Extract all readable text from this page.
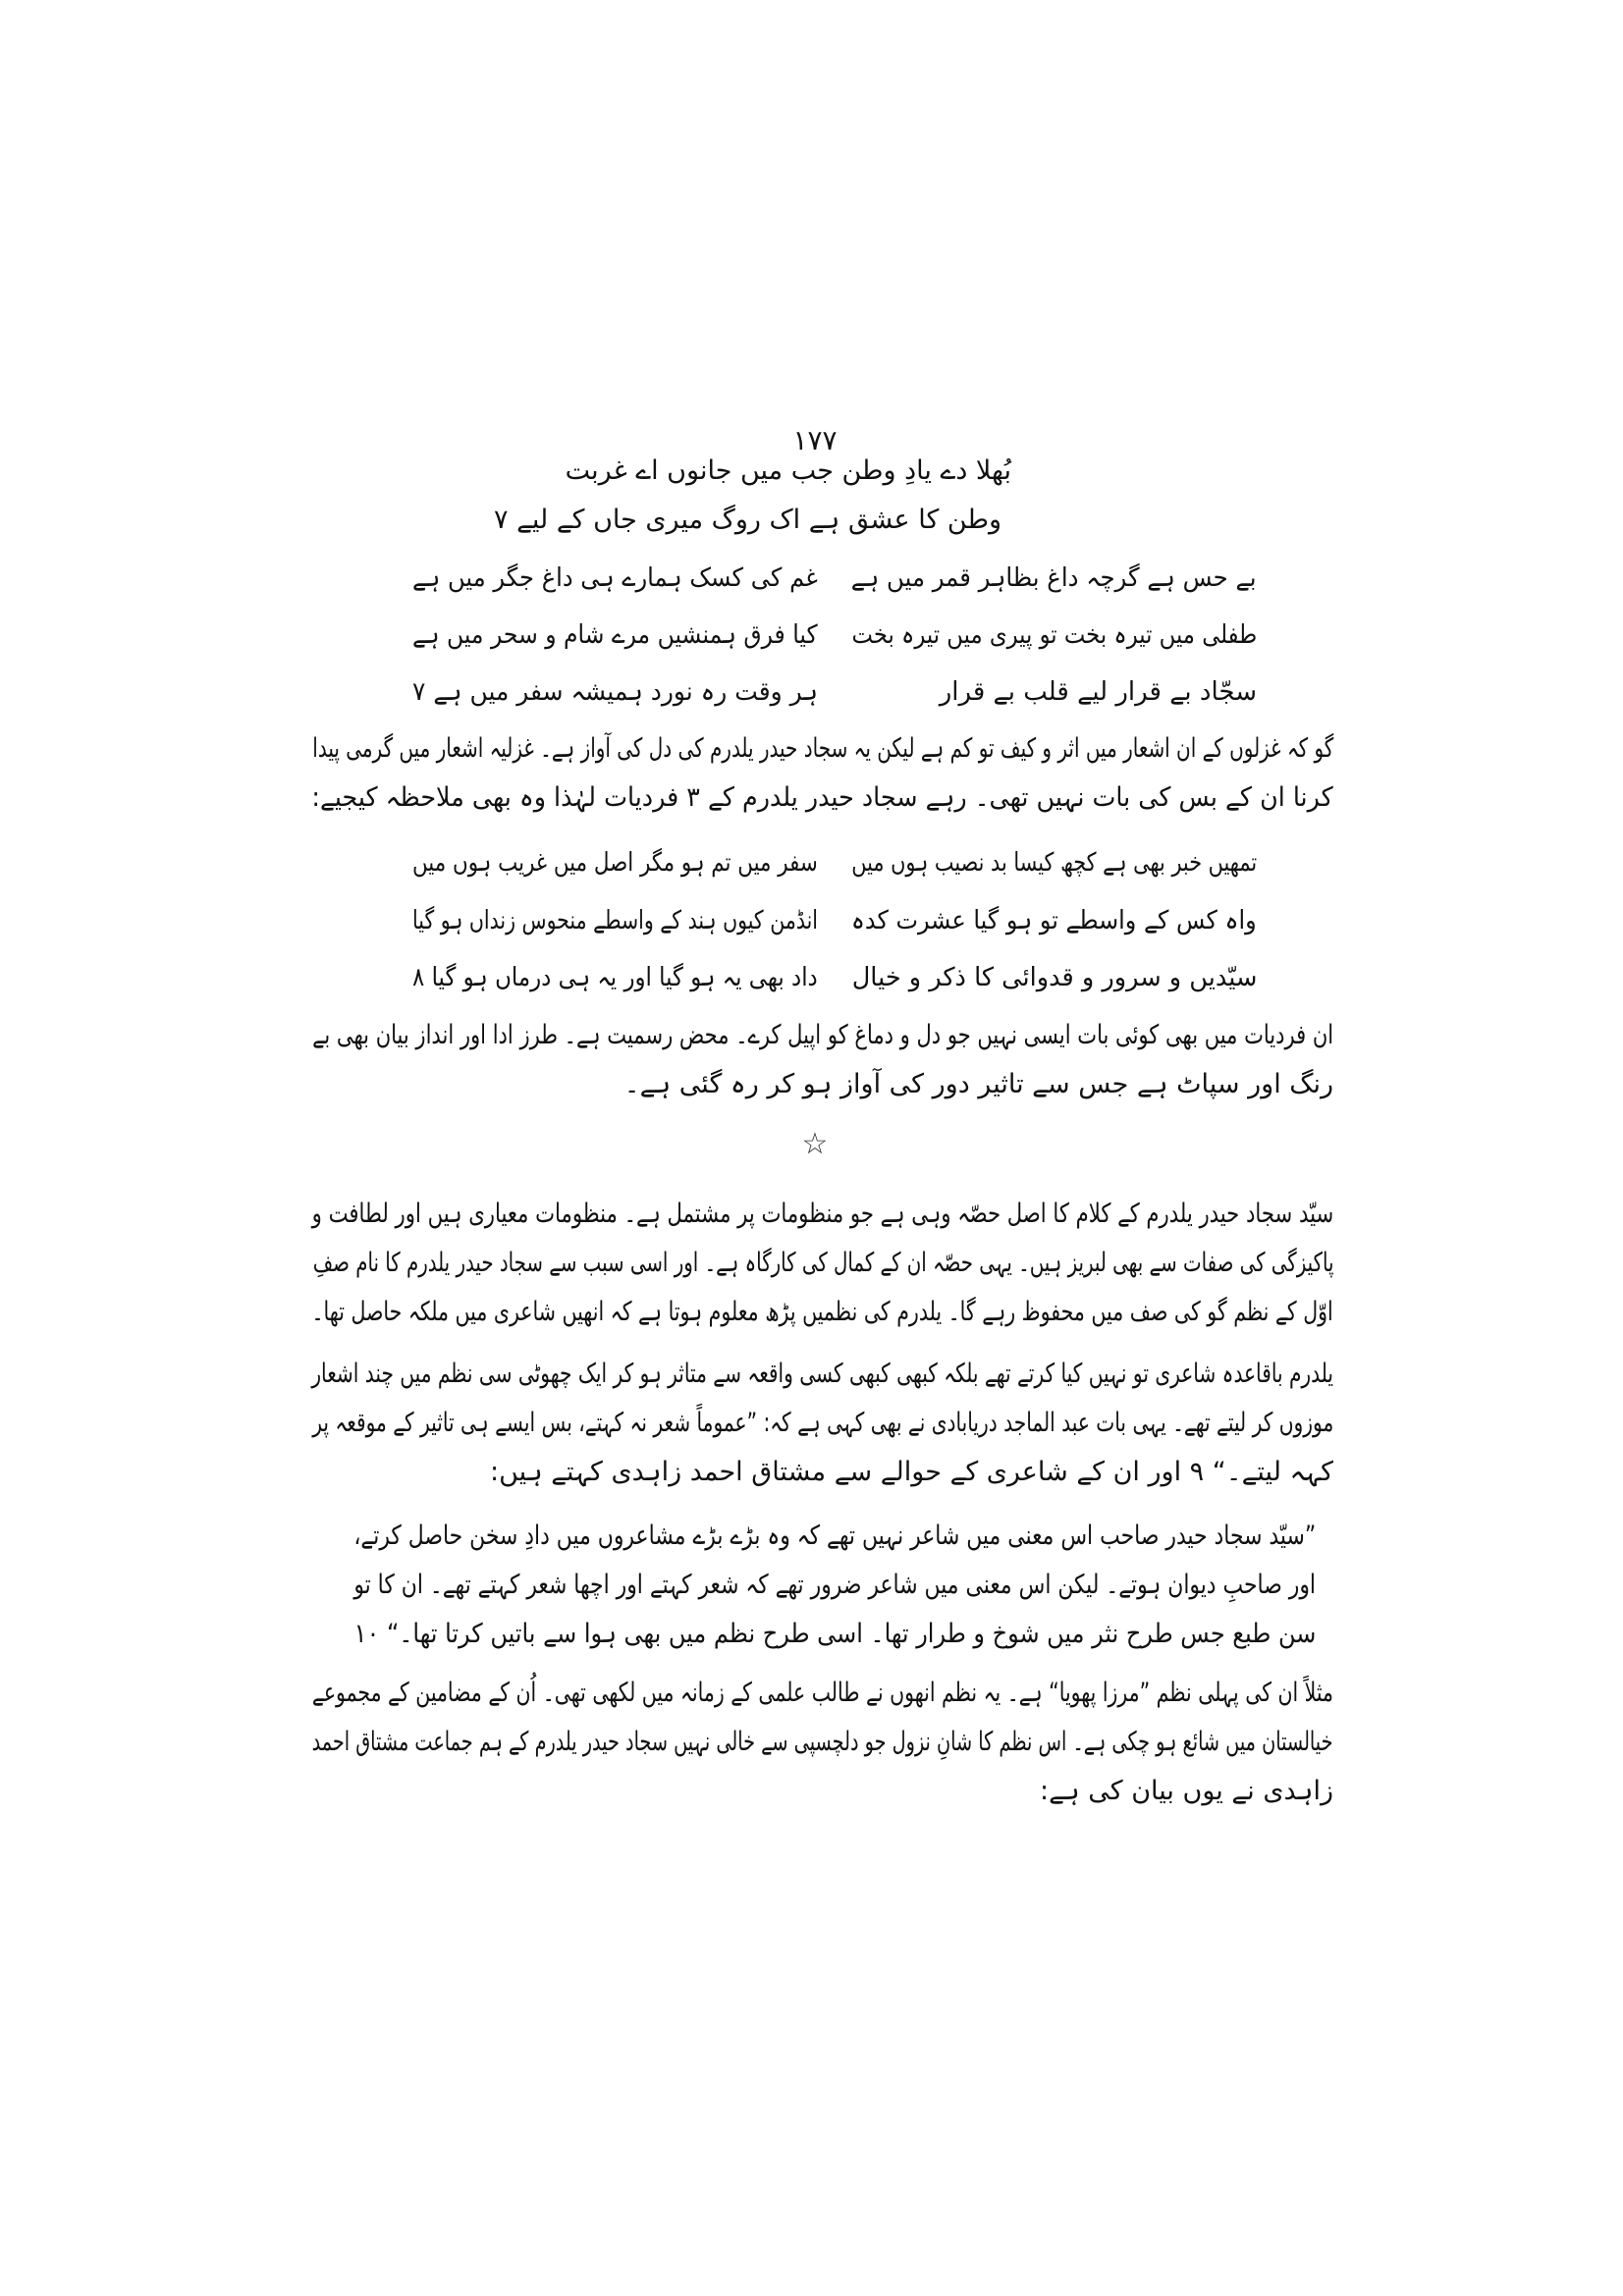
۱۷۷
بُھلا دے یادِ وطن جب میں جانوں اے غربت
وطن کا عشق ہے اک روگ میری جاں کے لیے ۷
بے حس ہے گرچہ داغ بظاہر قمر میں ہے
غم کی کسک ہمارے ہی داغ جگر میں ہے
طفلی میں تیرہ بخت تو پیری میں تیرہ بخت
کیا فرق ہمنشیں مرے شام و سحر میں ہے
سجّاد بے قرار لیے قلب بے قرار
ہر وقت رہ نورد ہمیشہ سفر میں ہے ۷
گو کہ غزلوں کے ان اشعار میں اثر و کیف تو کم ہے لیکن یہ سجاد حیدر یلدرم کی دل کی آواز ہے۔ غزلیہ اشعار میں گرمی پیدا
کرنا ان کے بس کی بات نہیں تھی۔ رہے سجاد حیدر یلدرم کے ۳ فردیات لہٰذا وہ بھی ملاحظہ کیجیے:
تمھیں خبر بھی ہے کچھ کیسا بد نصیب ہوں میں
سفر میں تم ہو مگر اصل میں غریب ہوں میں
واہ کس کے واسطے تو ہو گیا عشرت کدہ
انڈمن کیوں ہند کے واسطے منحوس زنداں ہو گیا
سیّدیں و سرور و قدوائی کا ذکر و خیال
داد بھی یہ ہو گیا اور یہ ہی درماں ہو گیا ۸
ان فردیات میں بھی کوئی بات ایسی نہیں جو دل و دماغ کو اپیل کرے۔ محض رسمیت ہے۔ طرز ادا اور انداز بیان بھی بے
رنگ اور سپاٹ ہے جس سے تاثیر دور کی آواز ہو کر رہ گئی ہے۔
☆
سیّد سجاد حیدر یلدرم کے کلام کا اصل حصّہ وہی ہے جو منظومات پر مشتمل ہے۔ منظومات معیاری ہیں اور لطافت و
پاکیزگی کی صفات سے بھی لبریز ہیں۔ یہی حصّہ ان کے کمال کی کارگاہ ہے۔ اور اسی سبب سے سجاد حیدر یلدرم کا نام صفِ
اوّل کے نظم گو کی صف میں محفوظ رہے گا۔ یلدرم کی نظمیں پڑھ معلوم ہوتا ہے کہ انھیں شاعری میں ملکہ حاصل تھا۔
یلدرم باقاعدہ شاعری تو نہیں کیا کرتے تھے بلکہ کبھی کبھی کسی واقعہ سے متاثر ہو کر ایک چھوٹی سی نظم میں چند اشعار
موزوں کر لیتے تھے۔ یہی بات عبد الماجد دریابادی نے بھی کہی ہے کہ: ”عموماً شعر نہ کہتے، بس ایسے ہی تاثیر کے موقعہ پر
کہہ لیتے۔“ ۹ اور ان کے شاعری کے حوالے سے مشتاق احمد زاہدی کہتے ہیں:
”سیّد سجاد حیدر صاحب اس معنی میں شاعر نہیں تھے کہ وہ بڑے بڑے مشاعروں میں دادِ سخن حاصل کرتے،
اور صاحبِ دیوان ہوتے۔ لیکن اس معنی میں شاعر ضرور تھے کہ شعر کہتے اور اچھا شعر کہتے تھے۔ ان کا تو
سن طبع جس طرح نثر میں شوخ و طرار تھا۔ اسی طرح نظم میں بھی ہوا سے باتیں کرتا تھا۔“ ۱۰
مثلاً ان کی پہلی نظم ”مرزا پھویا“ ہے۔ یہ نظم انھوں نے طالب علمی کے زمانہ میں لکھی تھی۔ اُن کے مضامین کے مجموعے
خیالستان میں شائع ہو چکی ہے۔ اس نظم کا شانِ نزول جو دلچسپی سے خالی نہیں سجاد حیدر یلدرم کے ہم جماعت مشتاق احمد
زاہدی نے یوں بیان کی ہے:
